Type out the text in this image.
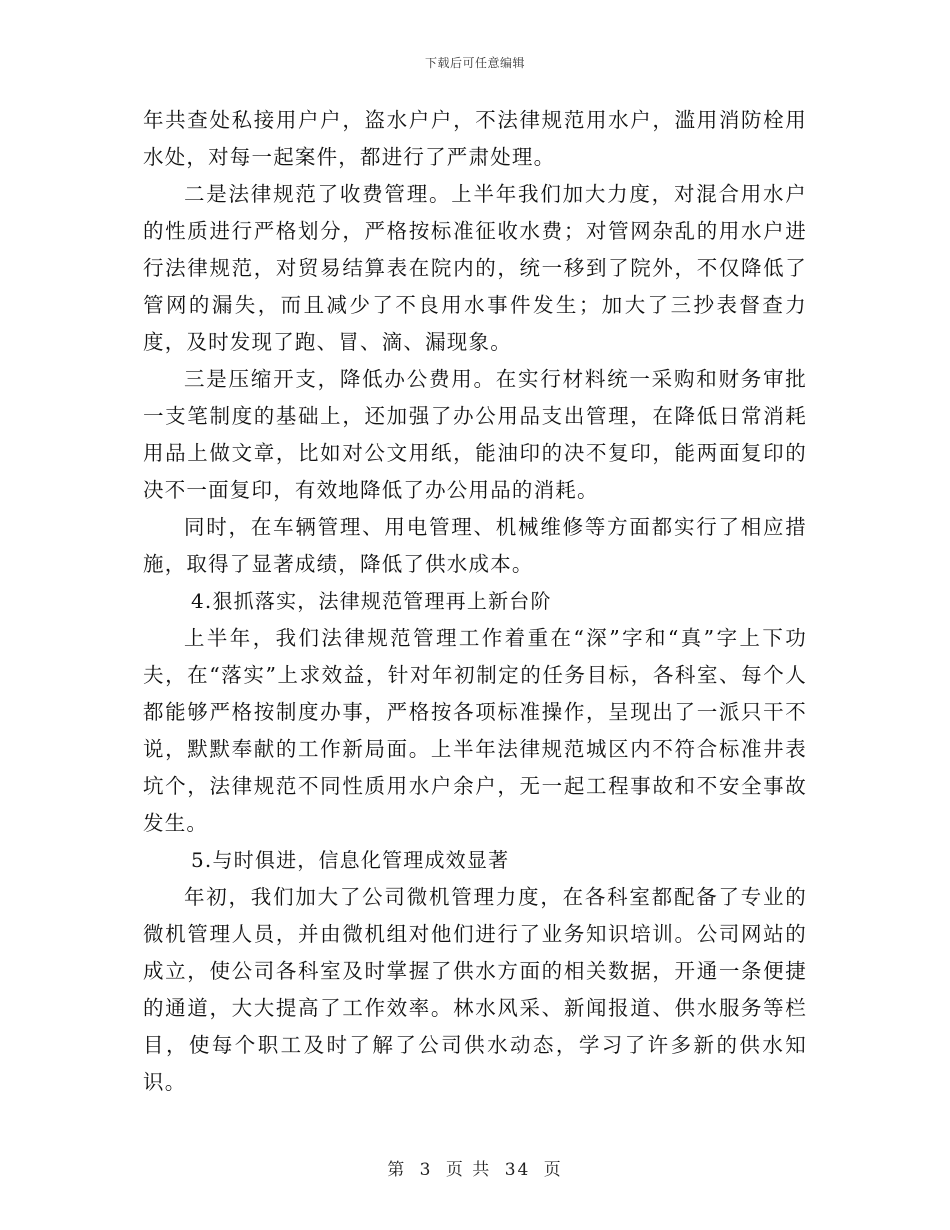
下载后可任意编辑

年共查处私接用户户，盗水户户，不法律规范用水户，滥用消防栓用水处，对每一起案件，都进行了严肃处理。

二是法律规范了收费管理。上半年我们加大力度，对混合用水户的性质进行严格划分，严格按标准征收水费；对管网杂乱的用水户进行法律规范，对贸易结算表在院内的，统一移到了院外，不仅降低了管网的漏失，而且减少了不良用水事件发生；加大了三抄表督查力度，及时发现了跑、冒、滴、漏现象。

三是压缩开支，降低办公费用。在实行材料统一采购和财务审批一支笔制度的基础上，还加强了办公用品支出管理，在降低日常消耗用品上做文章，比如对公文用纸，能油印的决不复印，能两面复印的决不一面复印，有效地降低了办公用品的消耗。

同时，在车辆管理、用电管理、机械维修等方面都实行了相应措施，取得了显著成绩，降低了供水成本。

4.狠抓落实，法律规范管理再上新台阶

上半年，我们法律规范管理工作着重在“深”字和“真”字上下功夫，在“落实”上求效益，针对年初制定的任务目标，各科室、每个人都能够严格按制度办事，严格按各项标准操作，呈现出了一派只干不说，默默奉献的工作新局面。上半年法律规范城区内不符合标准井表坑个，法律规范不同性质用水户余户，无一起工程事故和不安全事故发生。

5.与时俱进，信息化管理成效显著

年初，我们加大了公司微机管理力度，在各科室都配备了专业的微机管理人员，并由微机组对他们进行了业务知识培训。公司网站的成立，使公司各科室及时掌握了供水方面的相关数据，开通一条便捷的通道，大大提高了工作效率。林水风采、新闻报道、供水服务等栏目，使每个职工及时了解了公司供水动态，学习了许多新的供水知识。

第 3 页 共 34 页
